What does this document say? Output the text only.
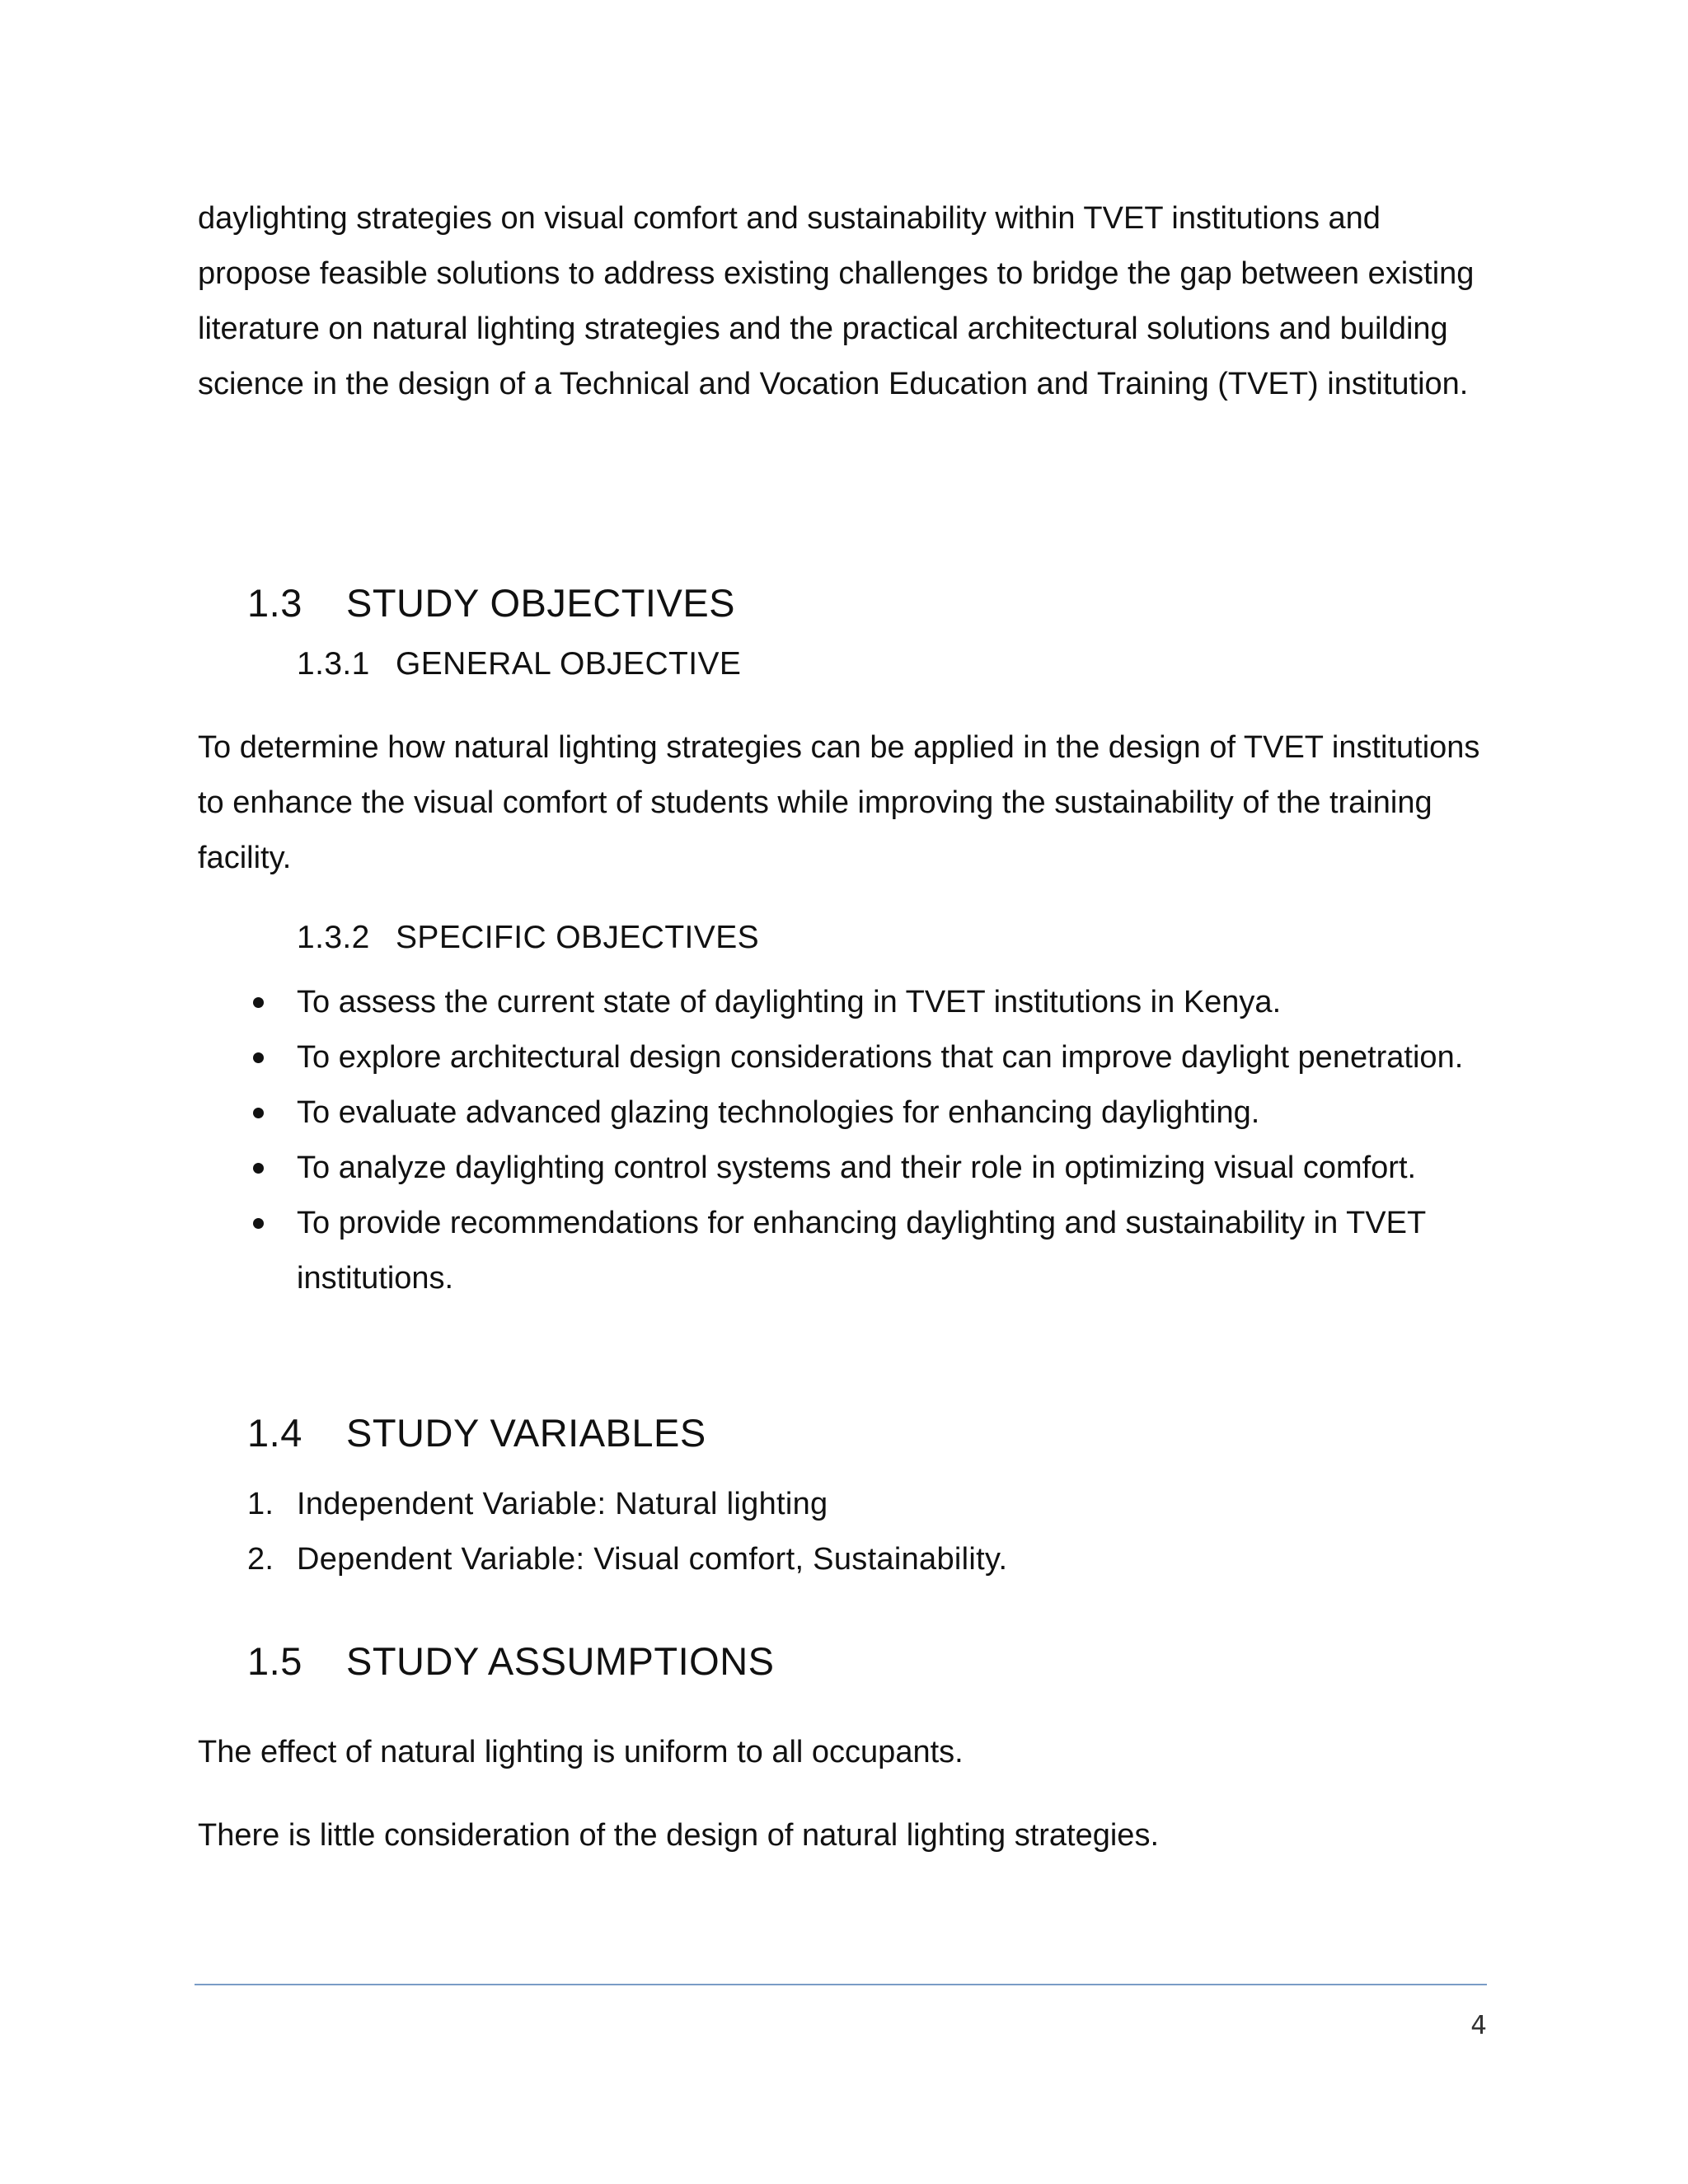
daylighting strategies on visual comfort and sustainability within TVET institutions and propose feasible solutions to address existing challenges to bridge the gap between existing literature on natural lighting strategies and the practical architectural solutions and building science in the design of a Technical and Vocation Education and Training (TVET) institution.

1.3 STUDY OBJECTIVES
1.3.1 GENERAL OBJECTIVE

To determine how natural lighting strategies can be applied in the design of TVET institutions to enhance the visual comfort of students while improving the sustainability of the training facility.

1.3.2 SPECIFIC OBJECTIVES
To assess the current state of daylighting in TVET institutions in Kenya.
To explore architectural design considerations that can improve daylight penetration.
To evaluate advanced glazing technologies for enhancing daylighting.
To analyze daylighting control systems and their role in optimizing visual comfort.
To provide recommendations for enhancing daylighting and sustainability in TVET institutions.
1.4 STUDY VARIABLES
1. Independent Variable: Natural lighting
2. Dependent Variable: Visual comfort, Sustainability.
1.5 STUDY ASSUMPTIONS

The effect of natural lighting is uniform to all occupants.

There is little consideration of the design of natural lighting strategies.

4
